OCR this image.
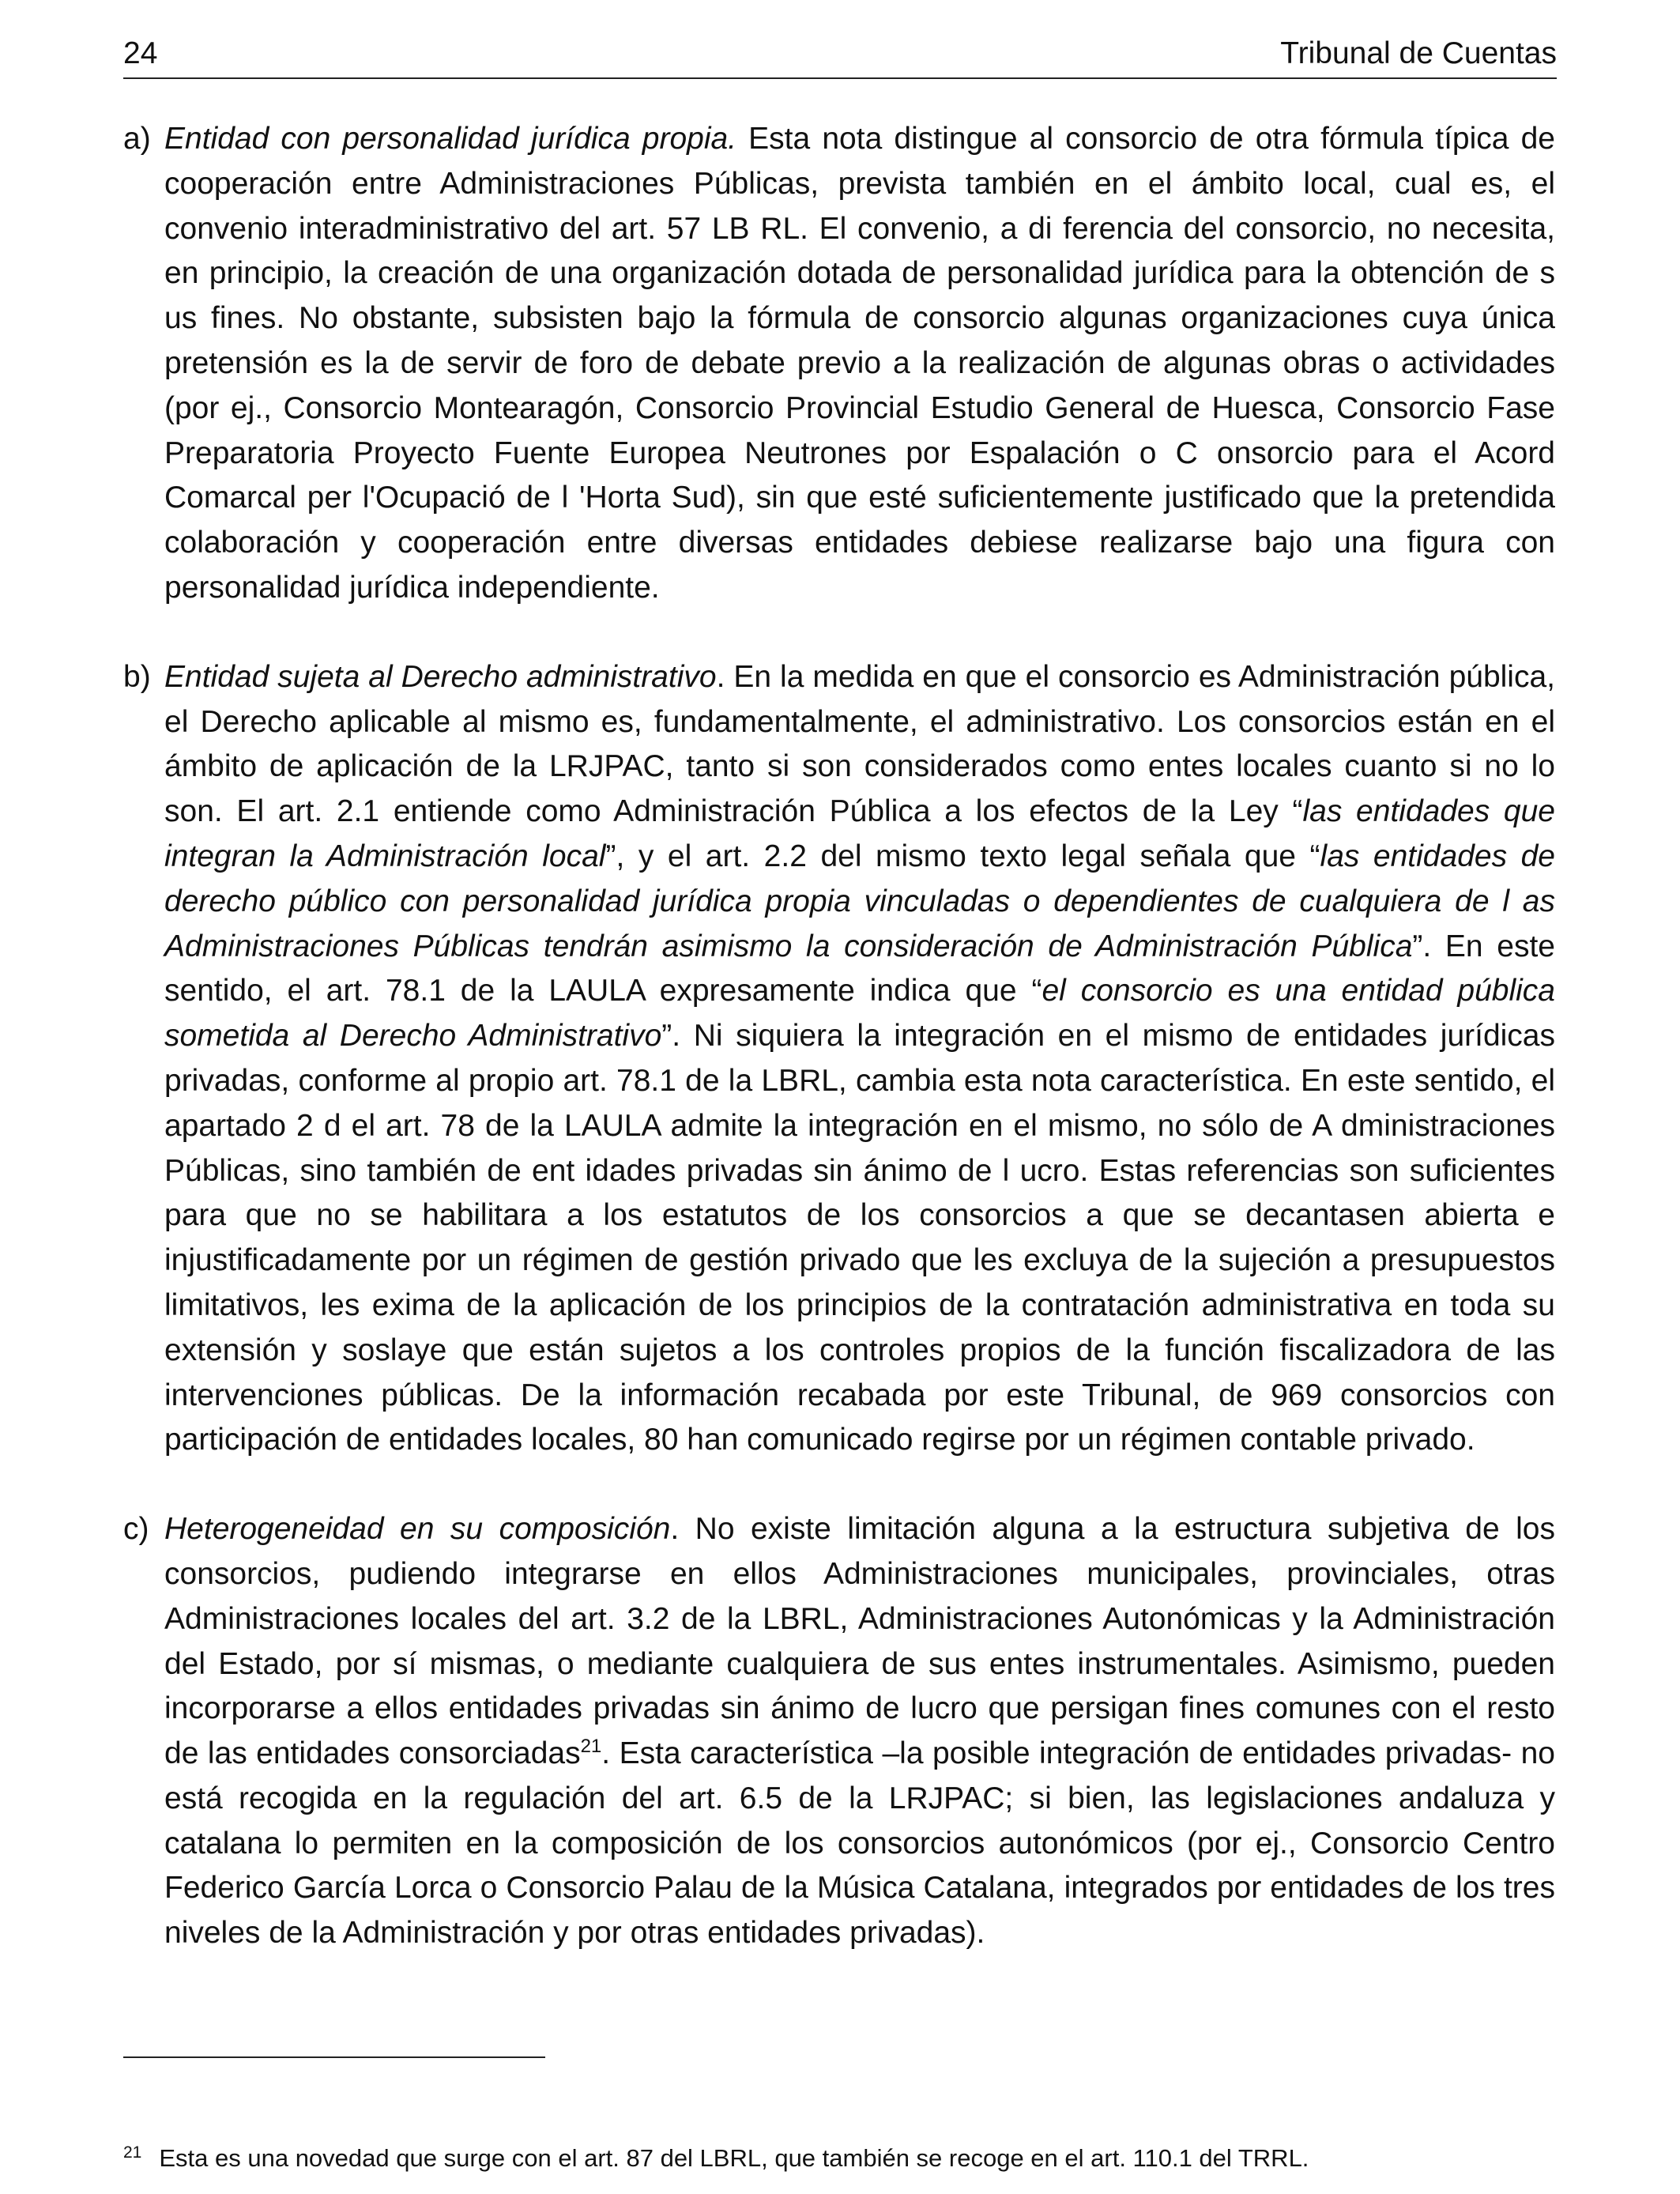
24	Tribunal de Cuentas
a) Entidad con personalidad jurídica propia. Esta nota distingue al consorcio de otra fórmula típica de cooperación entre Administraciones Públicas, prevista también en el ámbito local, cual es, el convenio interadministrativo del art. 57 LB RL. El convenio, a di ferencia del consorcio, no necesita, en principio, la creación de una organización dotada de personalidad jurídica para la obtención de s us fines. No obstante, subsisten bajo la fórmula de consorcio algunas organizaciones cuya única pretensión es la de servir de foro de debate previo a la realización de algunas obras o actividades (por ej., Consorcio Montearagón, Consorcio Provincial Estudio General de Huesca, Consorcio Fase Preparatoria Proyecto Fuente Europea Neutrones por Espalación o C onsorcio para el Acord Comarcal per l'Ocupació de l 'Horta Sud), sin que esté suficientemente justificado que la pretendida colaboración y cooperación entre diversas entidades debiese realizarse bajo una figura con personalidad jurídica independiente.
b) Entidad sujeta al Derecho administrativo. En la medida en que el consorcio es Administración pública, el Derecho aplicable al mismo es, fundamentalmente, el administrativo. Los consorcios están en el ámbito de aplicación de la LRJPAC, tanto si son considerados como entes locales cuanto si no lo son. El art. 2.1 entiende como Administración Pública a los efectos de la Ley “las entidades que integran la Administración local”, y el art. 2.2 del mismo texto legal señala que “las entidades de derecho público con personalidad jurídica propia vinculadas o dependientes de cualquiera de l as Administraciones Públicas tendrán asimismo la consideración de Administración Pública”. En este sentido, el art. 78.1 de la LAULA expresamente indica que “el consorcio es una entidad pública sometida al Derecho Administrativo”. Ni siquiera la integración en el mismo de entidades jurídicas privadas, conforme al propio art. 78.1 de la LBRL, cambia esta nota característica. En este sentido, el apartado 2 d el art. 78 de la LAULA admite la integración en el mismo, no sólo de A dministraciones Públicas, sino también de ent idades privadas sin ánimo de l ucro. Estas referencias son suficientes para que no se habilitara a los estatutos de los consorcios a que se decantasen abierta e injustificadamente por un régimen de gestión privado que les excluya de la sujeción a presupuestos limitativos, les exima de la aplicación de los principios de la contratación administrativa en toda su extensión y soslaye que están sujetos a los controles propios de la función fiscalizadora de las intervenciones públicas. De la información recabada por este Tribunal, de 969 consorcios con participación de entidades locales, 80 han comunicado regirse por un régimen contable privado.
c) Heterogeneidad en su composición. No existe limitación alguna a la estructura subjetiva de los consorcios, pudiendo integrarse en ellos Administraciones municipales, provinciales, otras Administraciones locales del art. 3.2 de la LBRL, Administraciones Autonómicas y la Administración del Estado, por sí mismas, o mediante cualquiera de sus entes instrumentales. Asimismo, pueden incorporarse a ellos entidades privadas sin ánimo de lucro que persigan fines comunes con el resto de las entidades consorciadas$^{21}$. Esta característica –la posible integración de entidades privadas- no está recogida en la regulación del art. 6.5 de la LRJPAC; si bien, las legislaciones andaluza y catalana lo permiten en la composición de los consorcios autonómicos (por ej., Consorcio Centro Federico García Lorca o Consorcio Palau de la Música Catalana, integrados por entidades de los tres niveles de la Administración y por otras entidades privadas).
$^{21}$ Esta es una novedad que surge con el art. 87 del LBRL, que también se recoge en el art. 110.1 del TRRL.
